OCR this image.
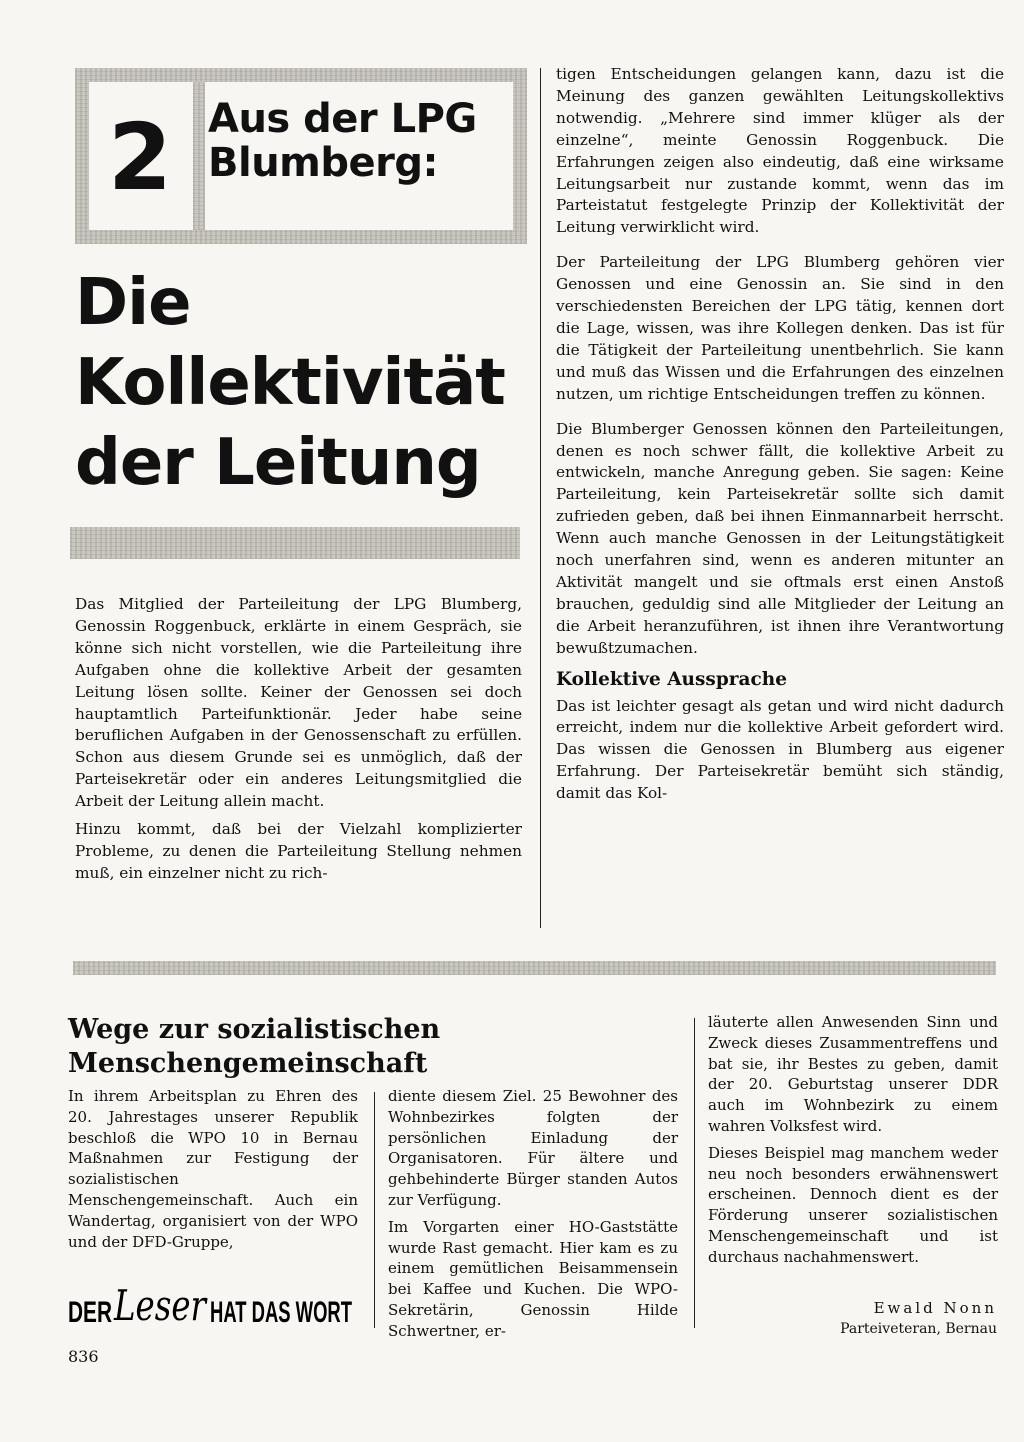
2 Aus der LPG Blumberg:
Die
Kollektivität
der Leitung

Das Mitglied der Parteileitung der LPG Blumberg, Genossin Roggenbuck, erklärte in einem Gespräch, sie könne sich nicht vorstellen, wie die Parteileitung ihre Aufgaben ohne die kollektive Arbeit der gesamten Leitung lösen sollte. Keiner der Genossen sei doch hauptamtlich Parteifunktionär. Jeder habe seine beruflichen Aufgaben in der Genossenschaft zu erfüllen. Schon aus diesem Grunde sei es unmöglich, daß der Parteisekretär oder ein anderes Leitungsmitglied die Arbeit der Leitung allein macht.

Hinzu kommt, daß bei der Vielzahl komplizierter Probleme, zu denen die Parteileitung Stellung nehmen muß, ein einzelner nicht zu rich-

tigen Entscheidungen gelangen kann, dazu ist die Meinung des ganzen gewählten Leitungskollektivs notwendig. „Mehrere sind immer klüger als der einzelne“, meinte Genossin Roggenbuck. Die Erfahrungen zeigen also eindeutig, daß eine wirksame Leitungsarbeit nur zustande kommt, wenn das im Parteistatut festgelegte Prinzip der Kollektivität der Leitung verwirklicht wird.

Der Parteileitung der LPG Blumberg gehören vier Genossen und eine Genossin an. Sie sind in den verschiedensten Bereichen der LPG tätig, kennen dort die Lage, wissen, was ihre Kollegen denken. Das ist für die Tätigkeit der Parteileitung unentbehrlich. Sie kann und muß das Wissen und die Erfahrungen des einzelnen nutzen, um richtige Entscheidungen treffen zu können.

Die Blumberger Genossen können den Parteileitungen, denen es noch schwer fällt, die kollektive Arbeit zu entwickeln, manche Anregung geben. Sie sagen: Keine Parteileitung, kein Parteisekretär sollte sich damit zufrieden geben, daß bei ihnen Einmannarbeit herrscht. Wenn auch manche Genossen in der Leitungstätigkeit noch unerfahren sind, wenn es anderen mitunter an Aktivität mangelt und sie oftmals erst einen Anstoß brauchen, geduldig sind alle Mitglieder der Leitung an die Arbeit heranzuführen, ist ihnen ihre Verantwortung bewußtzumachen.

Kollektive Aussprache

Das ist leichter gesagt als getan und wird nicht dadurch erreicht, indem nur die kollektive Arbeit gefordert wird. Das wissen die Genossen in Blumberg aus eigener Erfahrung. Der Parteisekretär bemüht sich ständig, damit das Kol-

Wege zur sozialistischen Menschengemeinschaft

In ihrem Arbeitsplan zu Ehren des 20. Jahrestages unserer Republik beschloß die WPO 10 in Bernau Maßnahmen zur Festigung der sozialistischen Menschengemeinschaft. Auch ein Wandertag, organisiert von der WPO und der DFD-Gruppe,

diente diesem Ziel. 25 Bewohner des Wohnbezirkes folgten der persönlichen Einladung der Organisatoren. Für ältere und gehbehinderte Bürger standen Autos zur Verfügung.

Im Vorgarten einer HO-Gaststätte wurde Rast gemacht. Hier kam es zu einem gemütlichen Beisammensein bei Kaffee und Kuchen. Die WPO-Sekretärin, Genossin Hilde Schwertner, er-

läuterte allen Anwesenden Sinn und Zweck dieses Zusammentreffens und bat sie, ihr Bestes zu geben, damit der 20. Geburtstag unserer DDR auch im Wohnbezirk zu einem wahren Volksfest wird.

Dieses Beispiel mag manchem weder neu noch besonders erwähnenswert erscheinen. Dennoch dient es der Förderung unserer sozialistischen Menschengemeinschaft und ist durchaus nachahmenswert.

Ewald Nonn
Parteiveteran, Bernau
DER Leser HAT DAS WORT
836
